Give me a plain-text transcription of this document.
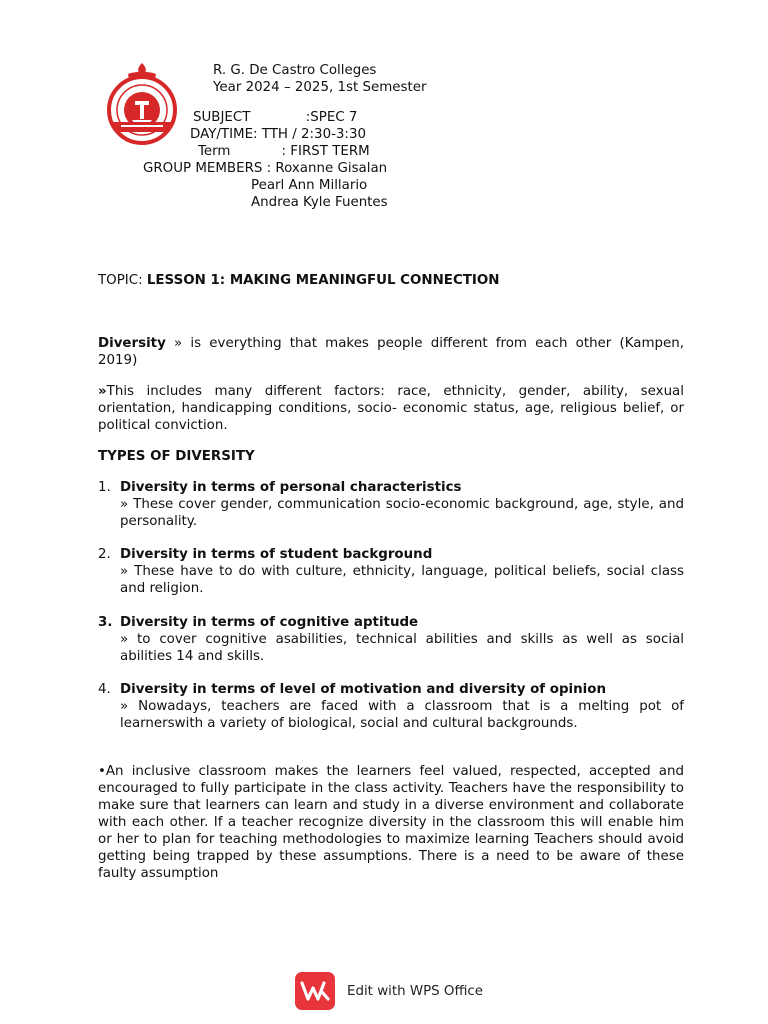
R. G. De Castro Colleges
Year 2024 – 2025, 1st Semester
SUBJECT             :SPEC 7
DAY/TIME: TTH / 2:30-3:30
Term            : FIRST TERM
GROUP MEMBERS : Roxanne Gisalan
Pearl Ann Millario
Andrea Kyle Fuentes
TOPIC: LESSON 1: MAKING MEANINGFUL CONNECTION
Diversity » is everything that makes people different from each other (Kampen, 2019)
»This includes many different factors: race, ethnicity, gender, ability, sexual orientation, handicapping conditions, socio- economic status, age, religious belief, or political conviction.
TYPES OF DIVERSITY
1. Diversity in terms of personal characteristics
» These cover gender, communication socio-economic background, age, style, and personality.
2. Diversity in terms of student background
» These have to do with culture, ethnicity, language, political beliefs, social class and religion.
3. Diversity in terms of cognitive aptitude
» to cover cognitive asabilities, technical abilities and skills as well as social abilities 14 and skills.
4. Diversity in terms of level of motivation and diversity of opinion
» Nowadays, teachers are faced with a classroom that is a melting pot of learnerswith a variety of biological, social and cultural backgrounds.
•An inclusive classroom makes the learners feel valued, respected, accepted and encouraged to fully participate in the class activity. Teachers have the responsibility to make sure that learners can learn and study in a diverse environment and collaborate with each other. If a teacher recognize diversity in the classroom this will enable him or her to plan for teaching methodologies to maximize learning Teachers should avoid getting being trapped by these assumptions. There is a need to be aware of these faulty assumption
Edit with WPS Office
